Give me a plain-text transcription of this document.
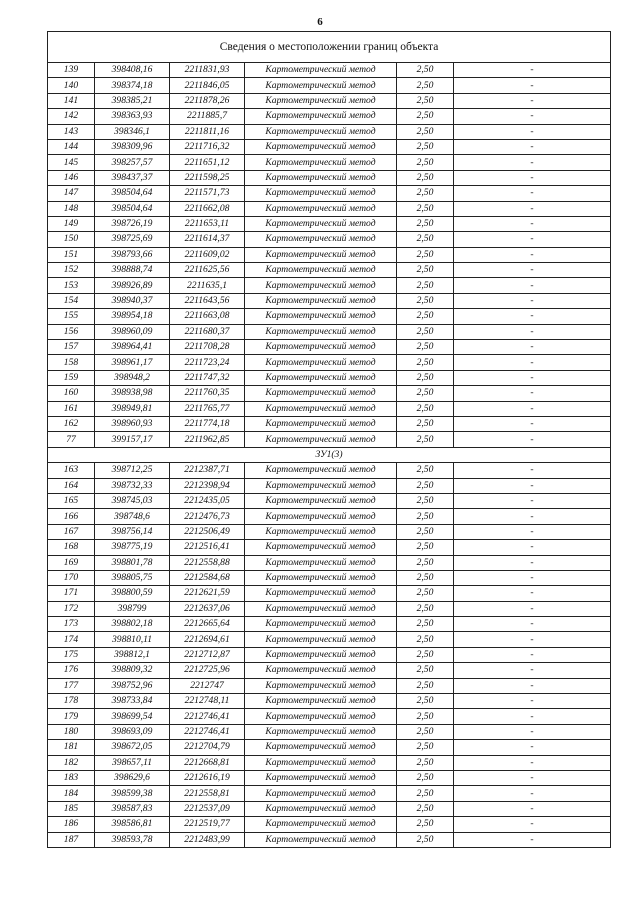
6
Сведения о местоположении границ объекта					
139	398408,16	2211831,93	Картометрический метод	2,50	-
140	398374,18	2211846,05	Картометрический метод	2,50	-
141	398385,21	2211878,26	Картометрический метод	2,50	-
142	398363,93	2211885,7	Картометрический метод	2,50	-
143	398346,1	2211811,16	Картометрический метод	2,50	-
144	398309,96	2211716,32	Картометрический метод	2,50	-
145	398257,57	2211651,12	Картометрический метод	2,50	-
146	398437,37	2211598,25	Картометрический метод	2,50	-
147	398504,64	2211571,73	Картометрический метод	2,50	-
148	398504,64	2211662,08	Картометрический метод	2,50	-
149	398726,19	2211653,11	Картометрический метод	2,50	-
150	398725,69	2211614,37	Картометрический метод	2,50	-
151	398793,66	2211609,02	Картометрический метод	2,50	-
152	398888,74	2211625,56	Картометрический метод	2,50	-
153	398926,89	2211635,1	Картометрический метод	2,50	-
154	398940,37	2211643,56	Картометрический метод	2,50	-
155	398954,18	2211663,08	Картометрический метод	2,50	-
156	398960,09	2211680,37	Картометрический метод	2,50	-
157	398964,41	2211708,28	Картометрический метод	2,50	-
158	398961,17	2211723,24	Картометрический метод	2,50	-
159	398948,2	2211747,32	Картометрический метод	2,50	-
160	398938,98	2211760,35	Картометрический метод	2,50	-
161	398949,81	2211765,77	Картометрический метод	2,50	-
162	398960,93	2211774,18	Картометрический метод	2,50	-
77	399157,17	2211962,85	Картометрический метод	2,50	-
ЗУ1(3)					
163	398712,25	2212387,71	Картометрический метод	2,50	-
164	398732,33	2212398,94	Картометрический метод	2,50	-
165	398745,03	2212435,05	Картометрический метод	2,50	-
166	398748,6	2212476,73	Картометрический метод	2,50	-
167	398756,14	2212506,49	Картометрический метод	2,50	-
168	398775,19	2212516,41	Картометрический метод	2,50	-
169	398801,78	2212558,88	Картометрический метод	2,50	-
170	398805,75	2212584,68	Картометрический метод	2,50	-
171	398800,59	2212621,59	Картометрический метод	2,50	-
172	398799	2212637,06	Картометрический метод	2,50	-
173	398802,18	2212665,64	Картометрический метод	2,50	-
174	398810,11	2212694,61	Картометрический метод	2,50	-
175	398812,1	2212712,87	Картометрический метод	2,50	-
176	398809,32	2212725,96	Картометрический метод	2,50	-
177	398752,96	2212747	Картометрический метод	2,50	-
178	398733,84	2212748,11	Картометрический метод	2,50	-
179	398699,54	2212746,41	Картометрический метод	2,50	-
180	398693,09	2212746,41	Картометрический метод	2,50	-
181	398672,05	2212704,79	Картометрический метод	2,50	-
182	398657,11	2212668,81	Картометрический метод	2,50	-
183	398629,6	2212616,19	Картометрический метод	2,50	-
184	398599,38	2212558,81	Картометрический метод	2,50	-
185	398587,83	2212537,09	Картометрический метод	2,50	-
186	398586,81	2212519,77	Картометрический метод	2,50	-
187	398593,78	2212483,99	Картометрический метод	2,50	-
